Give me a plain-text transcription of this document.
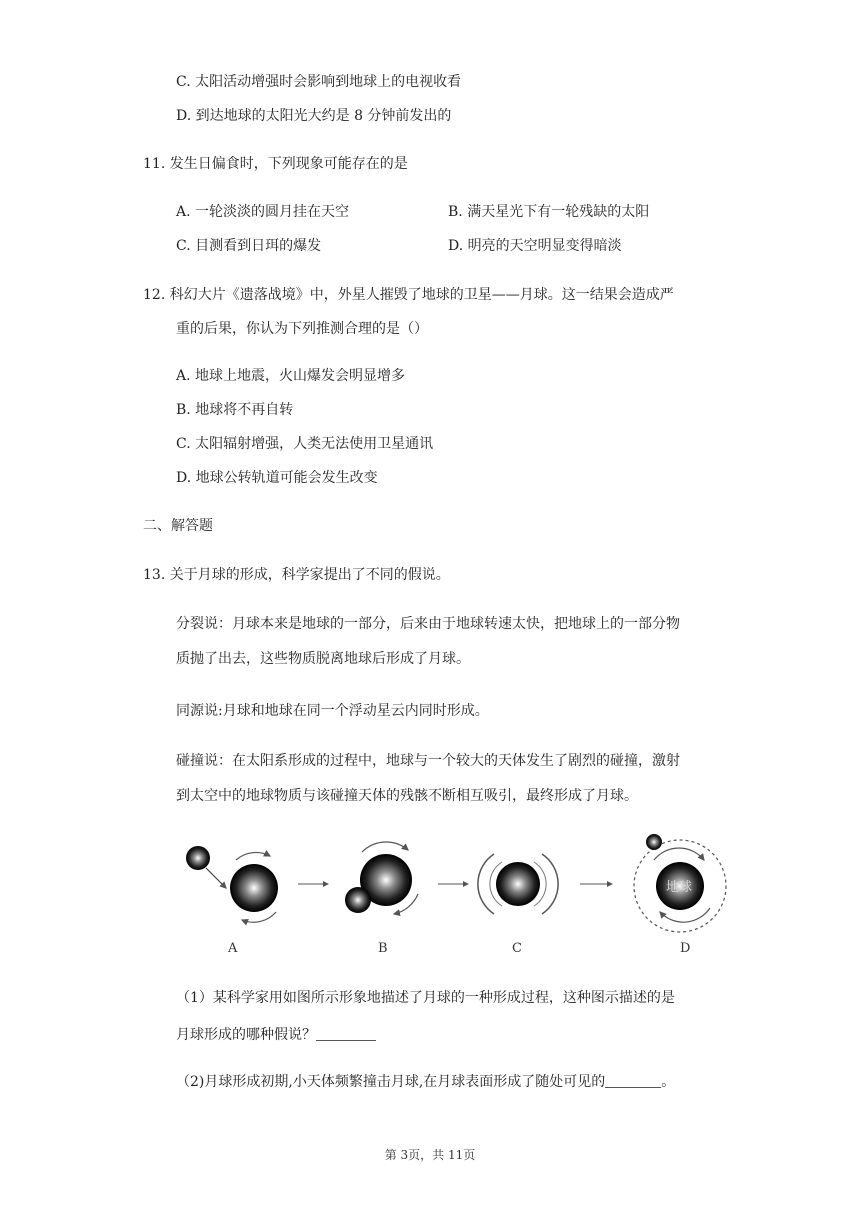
C. 太阳活动增强时会影响到地球上的电视收看
D. 到达地球的太阳光大约是 8 分钟前发出的
11. 发生日偏食时，下列现象可能存在的是
A. 一轮淡淡的圆月挂在天空	B. 满天星光下有一轮残缺的太阳
C. 目测看到日珥的爆发	D. 明亮的天空明显变得暗淡
12. 科幻大片《遗落战境》中，外星人摧毁了地球的卫星——月球。这一结果会造成严
重的后果，你认为下列推测合理的是（）
A. 地球上地震，火山爆发会明显增多
B. 地球将不再自转
C. 太阳辐射增强，人类无法使用卫星通讯
D. 地球公转轨道可能会发生改变
二、解答题
13. 关于月球的形成，科学家提出了不同的假说。
分裂说：月球本来是地球的一部分，后来由于地球转速太快，把地球上的一部分物
质抛了出去，这些物质脱离地球后形成了月球。
同源说:月球和地球在同一个浮动星云内同时形成。
碰撞说：在太阳系形成的过程中，地球与一个较大的天体发生了剧烈的碰撞，激射
到太空中的地球物质与该碰撞天体的残骸不断相互吸引，最终形成了月球。
A	B	C
地球
D
（1）某科学家用如图所示形象地描述了月球的一种形成过程，这种图示描述的是
月球形成的哪种假说？
（2)月球形成初期,小天体频繁撞击月球,在月球表面形成了随处可见的	。
第 3页，共 11页
